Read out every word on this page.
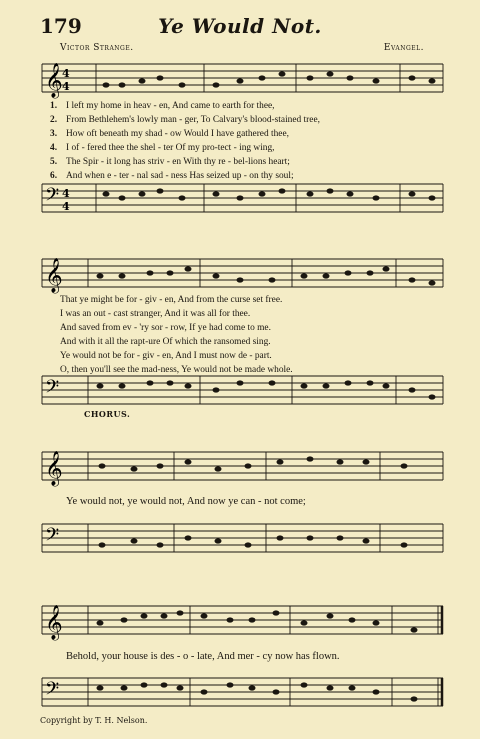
179	Ye Would Not.
Victor Strange.	Evangel.
𝄞 4
4
1. I left my home in heav - en, And came to earth for thee,
2. From Bethlehem's lowly man - ger, To Calvary's blood-stained tree,
3. How oft beneath my shad - ow Would I have gathered thee,
4. I of - fered thee the shel - ter Of my pro-tect - ing wing,
5. The Spir - it long has striv - en With thy re - bel-lions heart;
6. And when e - ter - nal sad - ness Has seized up - on thy soul;
𝄢 4
4
𝄞
That ye might be for - giv - en, And from the curse set free.
I was an out - cast stranger, And it was all for thee.
And saved from ev - 'ry sor - row, If ye had come to me.
And with it all the rapt-ure Of which the ransomed sing.
Ye would not be for - giv - en, And I must now de - part.
O, then you'll see the mad-ness, Ye would not be made whole.
𝄢
CHORUS.
𝄞
Ye would not, ye would not, And now ye can - not come;
𝄢
𝄞
Behold, your house is des - o - late, And mer - cy now has flown.
𝄢
Copyright by T. H. Nelson.
